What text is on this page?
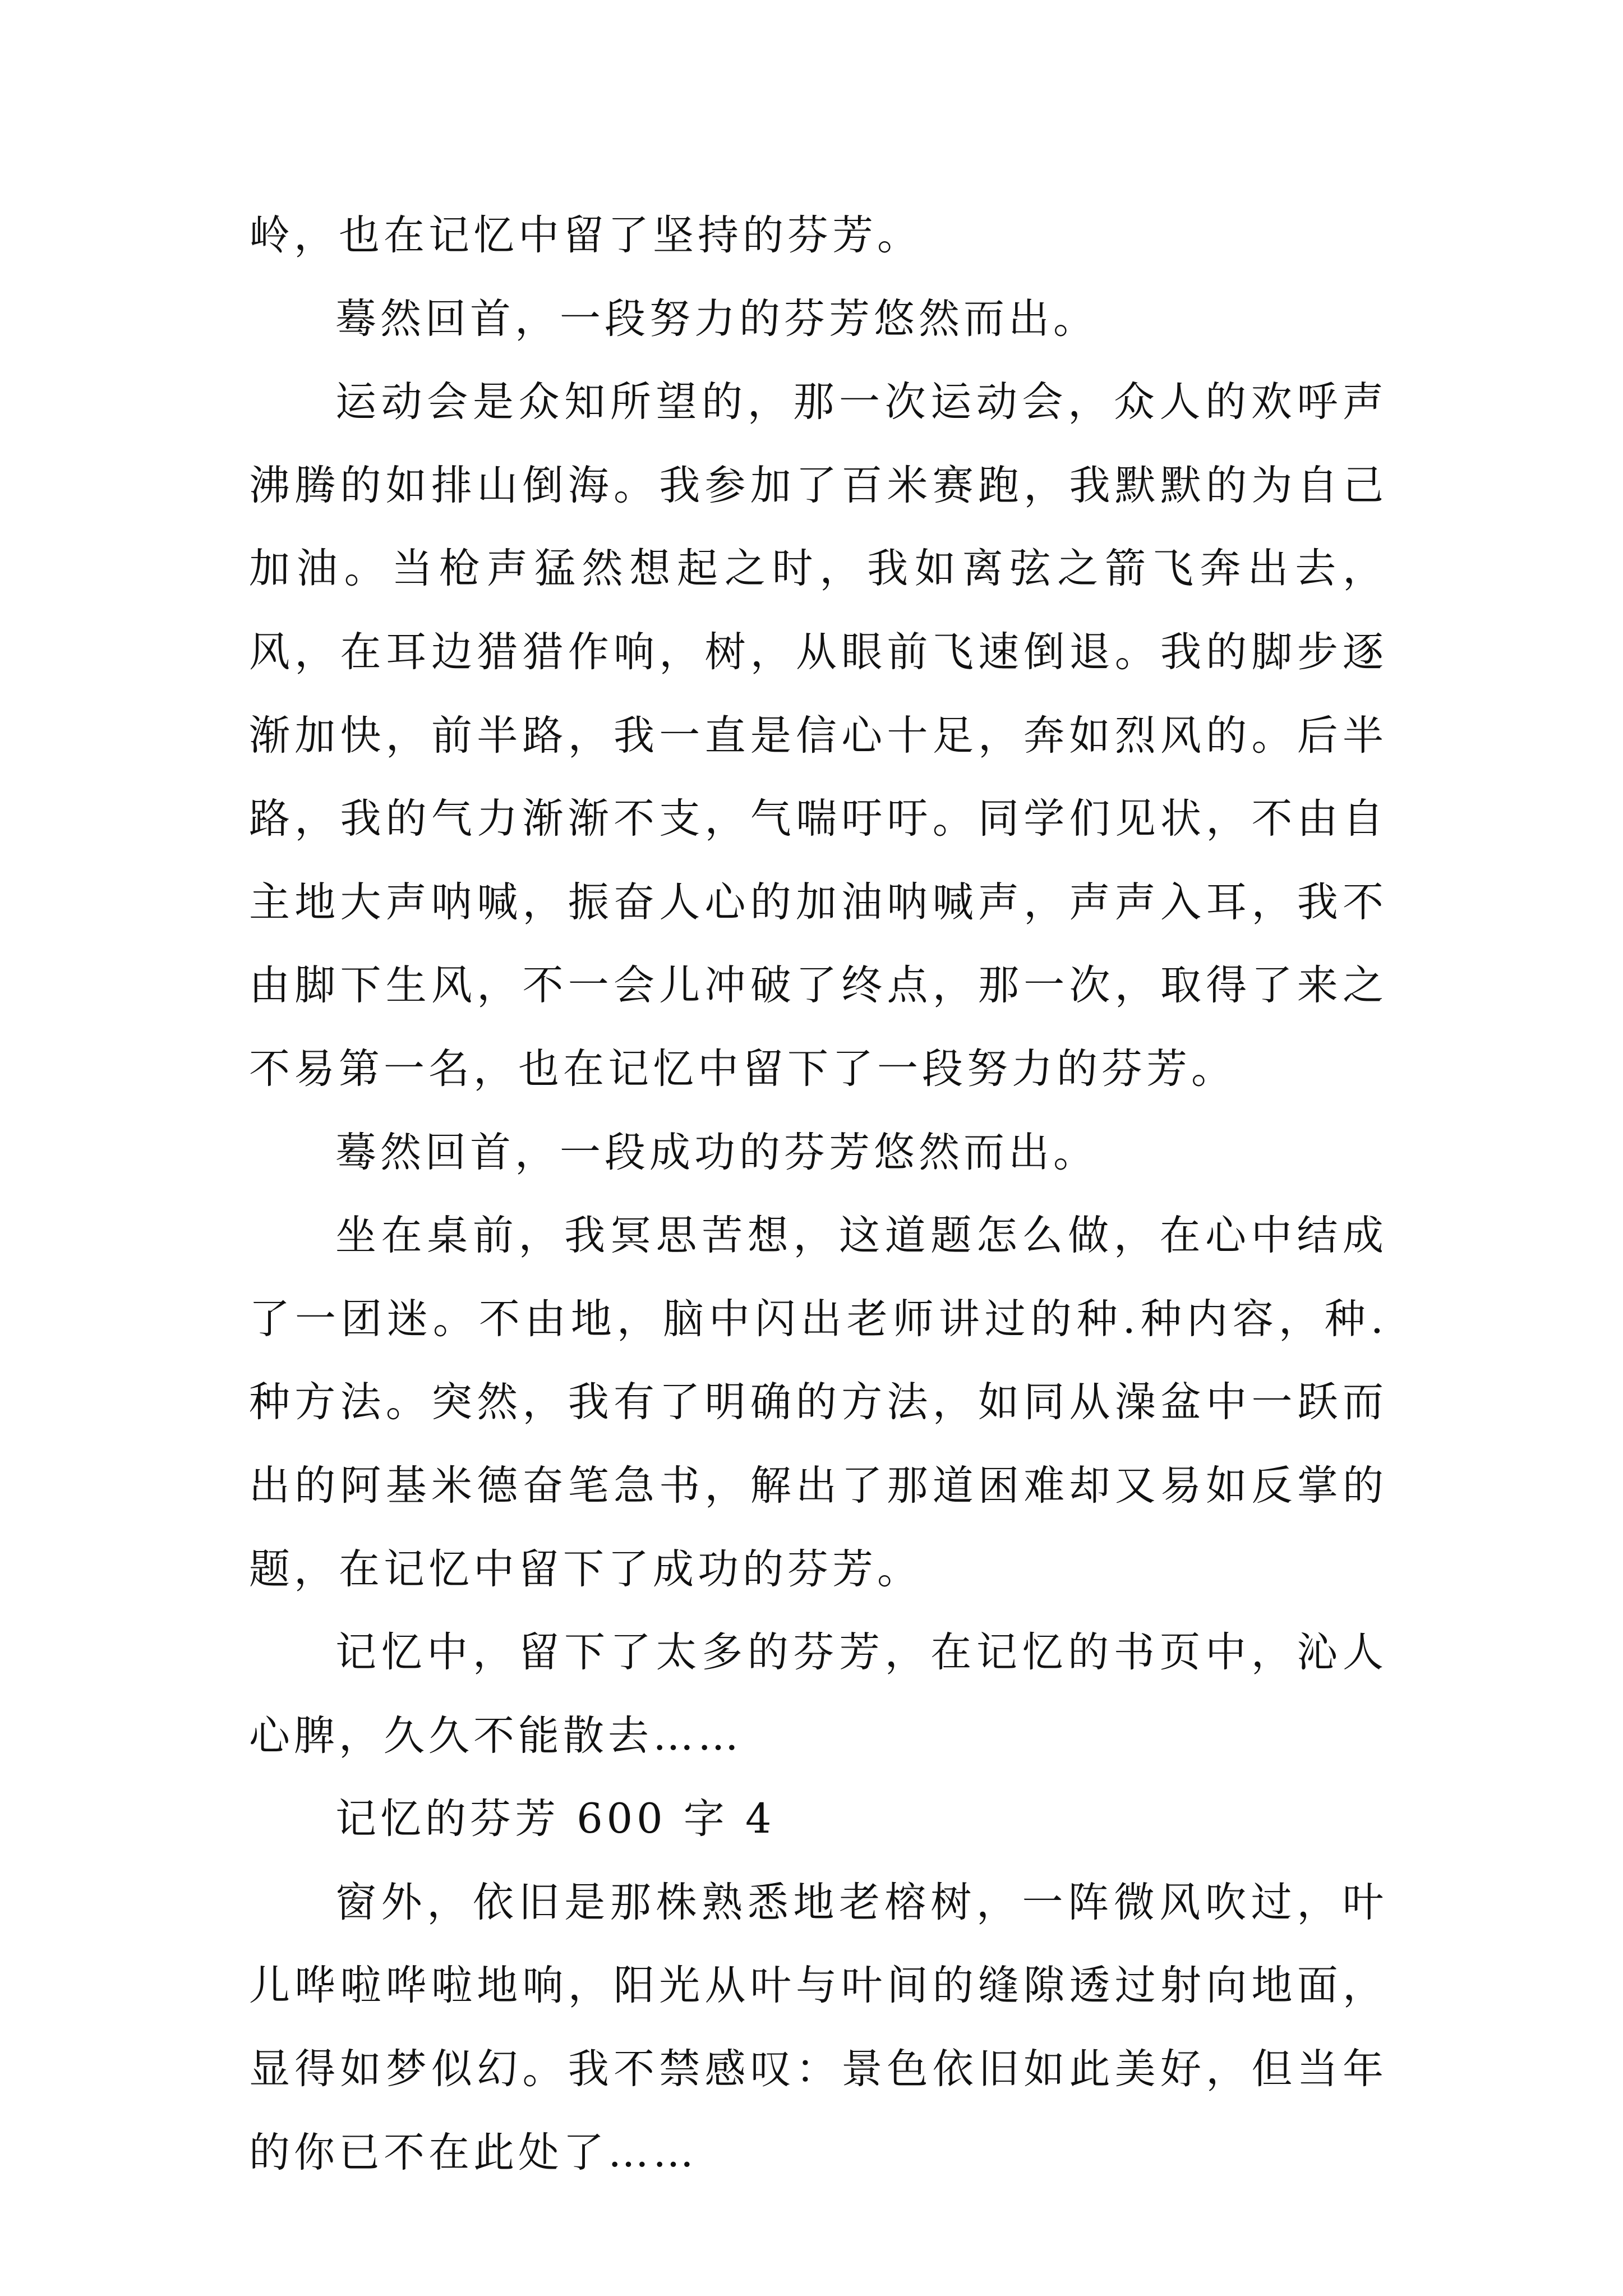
岭，也在记忆中留了坚持的芬芳。

蓦然回首，一段努力的芬芳悠然而出。

运动会是众知所望的，那一次运动会，众人的欢呼声沸腾的如排山倒海。我参加了百米赛跑，我默默的为自己加油。当枪声猛然想起之时，我如离弦之箭飞奔出去，风，在耳边猎猎作响，树，从眼前飞速倒退。我的脚步逐渐加快，前半路，我一直是信心十足，奔如烈风的。后半路，我的气力渐渐不支，气喘吁吁。同学们见状，不由自主地大声呐喊，振奋人心的加油呐喊声，声声入耳，我不由脚下生风，不一会儿冲破了终点，那一次，取得了来之不易第一名，也在记忆中留下了一段努力的芬芳。

蓦然回首，一段成功的芬芳悠然而出。

坐在桌前，我冥思苦想，这道题怎么做，在心中结成了一团迷。不由地，脑中闪出老师讲过的种.种内容，种.种方法。突然，我有了明确的方法，如同从澡盆中一跃而出的阿基米德奋笔急书，解出了那道困难却又易如反掌的题，在记忆中留下了成功的芬芳。

记忆中，留下了太多的芬芳，在记忆的书页中，沁人心脾，久久不能散去……

记忆的芬芳 600 字 4

窗外，依旧是那株熟悉地老榕树，一阵微风吹过，叶儿哗啦哗啦地响，阳光从叶与叶间的缝隙透过射向地面，显得如梦似幻。我不禁感叹：景色依旧如此美好，但当年的你已不在此处了……
